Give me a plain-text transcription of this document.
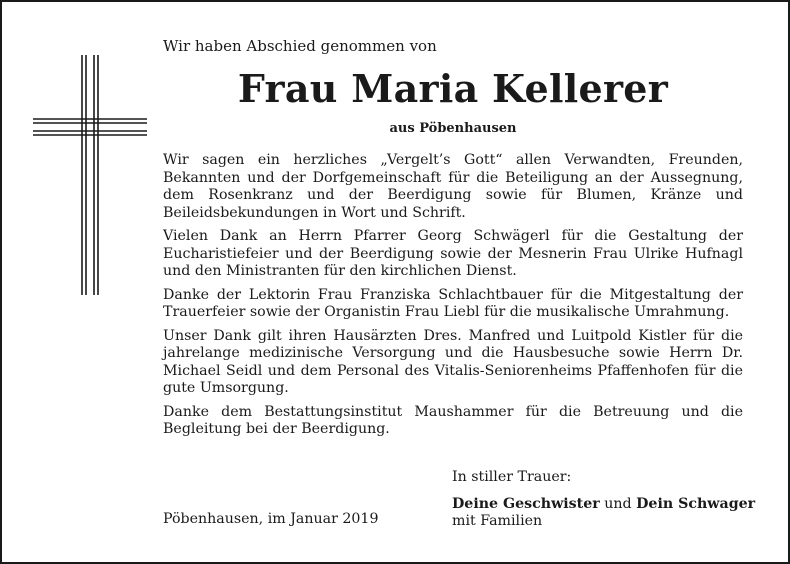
Wir haben Abschied genommen von
Frau Maria Kellerer
aus Pöbenhausen

Wir sagen ein herzliches „Vergelt’s Gott“ allen Verwandten, Freunden, Bekannten und der Dorfgemeinschaft für die Beteiligung an der Aussegnung, dem Rosenkranz und der Beerdigung sowie für Blumen, Kränze und Beileidsbekundungen in Wort und Schrift.

Vielen Dank an Herrn Pfarrer Georg Schwägerl für die Gestaltung der Eucharistiefeier und der Beerdigung sowie der Mesnerin Frau Ulrike Hufnagl und den Ministranten für den kirchlichen Dienst.

Danke der Lektorin Frau Franziska Schlachtbauer für die Mitgestaltung der Trauerfeier sowie der Organistin Frau Liebl für die musikalische Umrahmung.

Unser Dank gilt ihren Hausärzten Dres. Manfred und Luitpold Kistler für die jahrelange medizinische Versorgung und die Hausbesuche sowie Herrn Dr. Michael Seidl und dem Personal des Vitalis-Seniorenheims Pfaffenhofen für die gute Umsorgung.

Danke dem Bestattungsinstitut Maushammer für die Betreuung und die Begleitung bei der Beerdigung.

Pöbenhausen, im Januar 2019
In stiller Trauer:
Deine Geschwister und Dein Schwager
mit Familien
